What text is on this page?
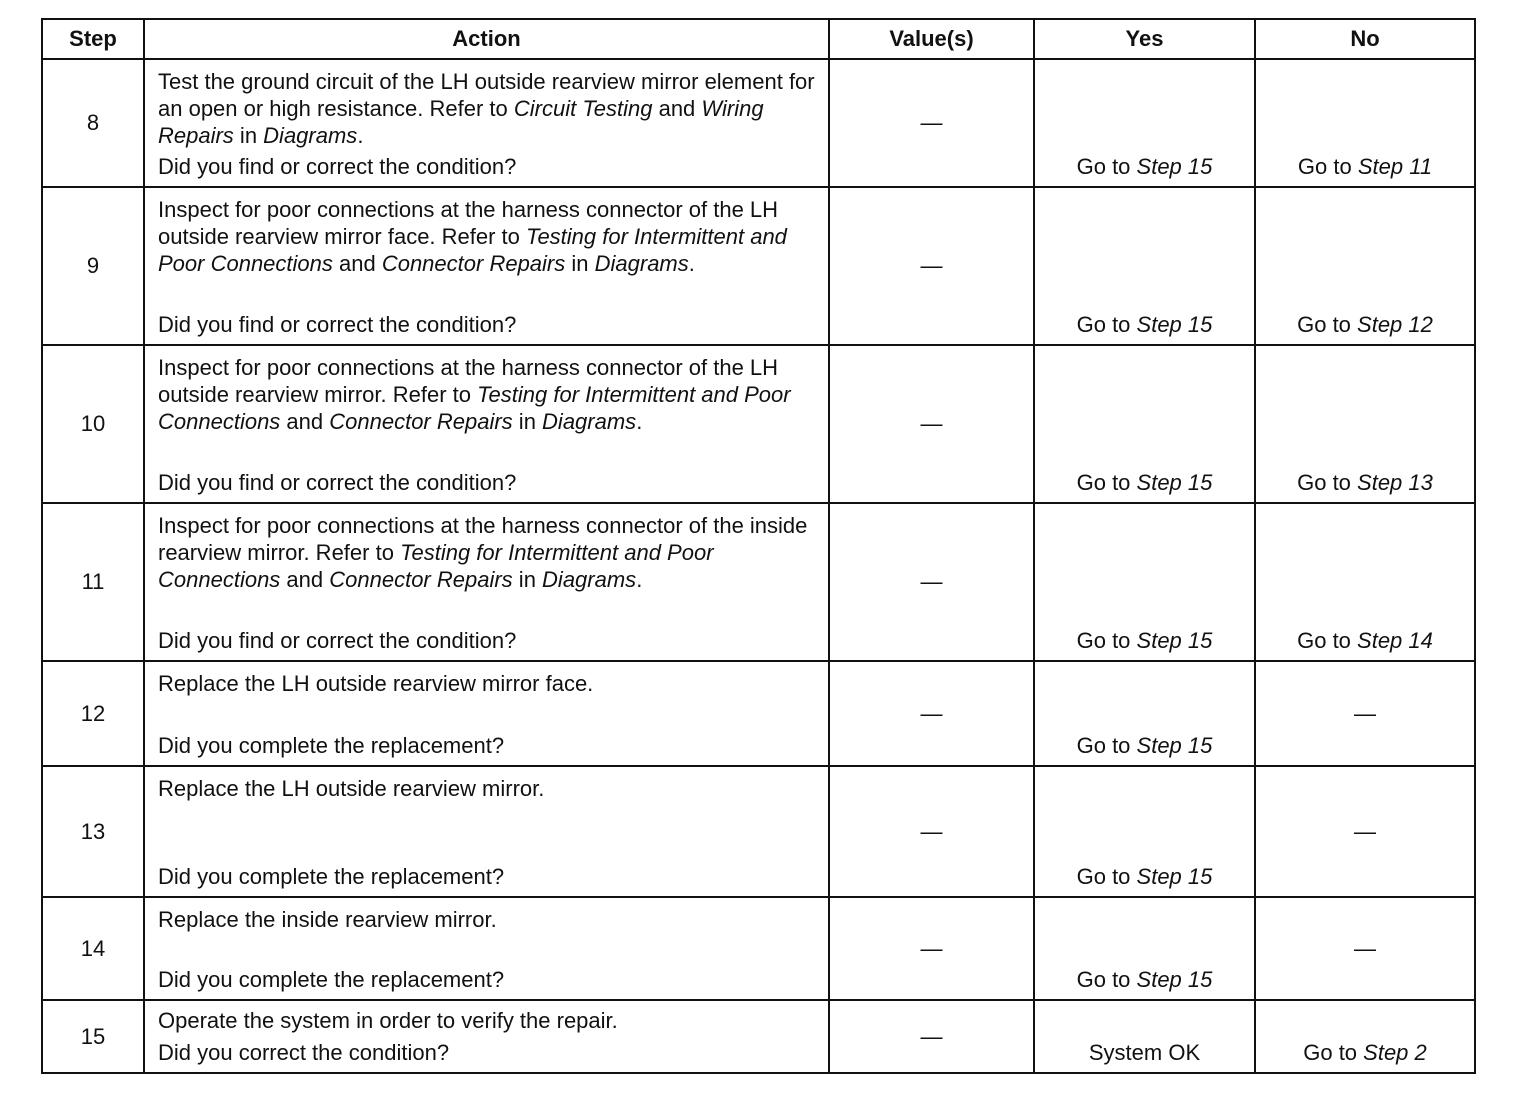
Step	Action	Value(s)	Yes	No
8	Test the ground circuit of the LH outside rearview mirror element for an open or high resistance. Refer to Circuit Testing and Wiring Repairs in Diagrams.
Did you find or correct the condition?	—	Go to Step 15	Go to Step 11
9	Inspect for poor connections at the harness connector of the LH outside rearview mirror face. Refer to Testing for Intermittent and Poor Connections and Connector Repairs in Diagrams.
Did you find or correct the condition?	—	Go to Step 15	Go to Step 12
10	Inspect for poor connections at the harness connector of the LH outside rearview mirror. Refer to Testing for Intermittent and Poor Connections and Connector Repairs in Diagrams.
Did you find or correct the condition?	—	Go to Step 15	Go to Step 13
11	Inspect for poor connections at the harness connector of the inside rearview mirror. Refer to Testing for Intermittent and Poor Connections and Connector Repairs in Diagrams.
Did you find or correct the condition?	—	Go to Step 15	Go to Step 14
12	Replace the LH outside rearview mirror face.
Did you complete the replacement?	—	Go to Step 15	—
13	Replace the LH outside rearview mirror.
Did you complete the replacement?	—	Go to Step 15	—
14	Replace the inside rearview mirror.
Did you complete the replacement?	—	Go to Step 15	—
15	Operate the system in order to verify the repair.
Did you correct the condition?	—	System OK	Go to Step 2
